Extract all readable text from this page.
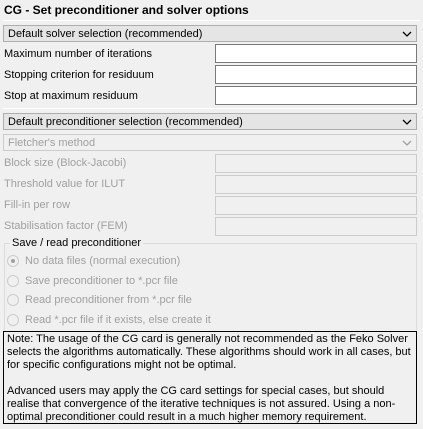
CG - Set preconditioner and solver options
Default solver selection (recommended)
Maximum number of iterations
Stopping criterion for residuum
Stop at maximum residuum
Default preconditioner selection (recommended)
Fletcher's method
Block size (Block-Jacobi)
Threshold value for ILUT
Fill-in per row
Stabilisation factor (FEM)
Save / read preconditioner
No data files (normal execution)
Save preconditioner to *.pcr file
Read preconditioner from *.pcr file
Read *.pcr file if it exists, else create it

Note: The usage of the CG card is generally not recommended as the Feko Solver selects the algorithms automatically. These algorithms should work in all cases, but for specific configurations might not be optimal.

Advanced users may apply the CG card settings for special cases, but should realise that convergence of the iterative techniques is not assured. Using a non-optimal preconditioner could result in a much higher memory requirement.
